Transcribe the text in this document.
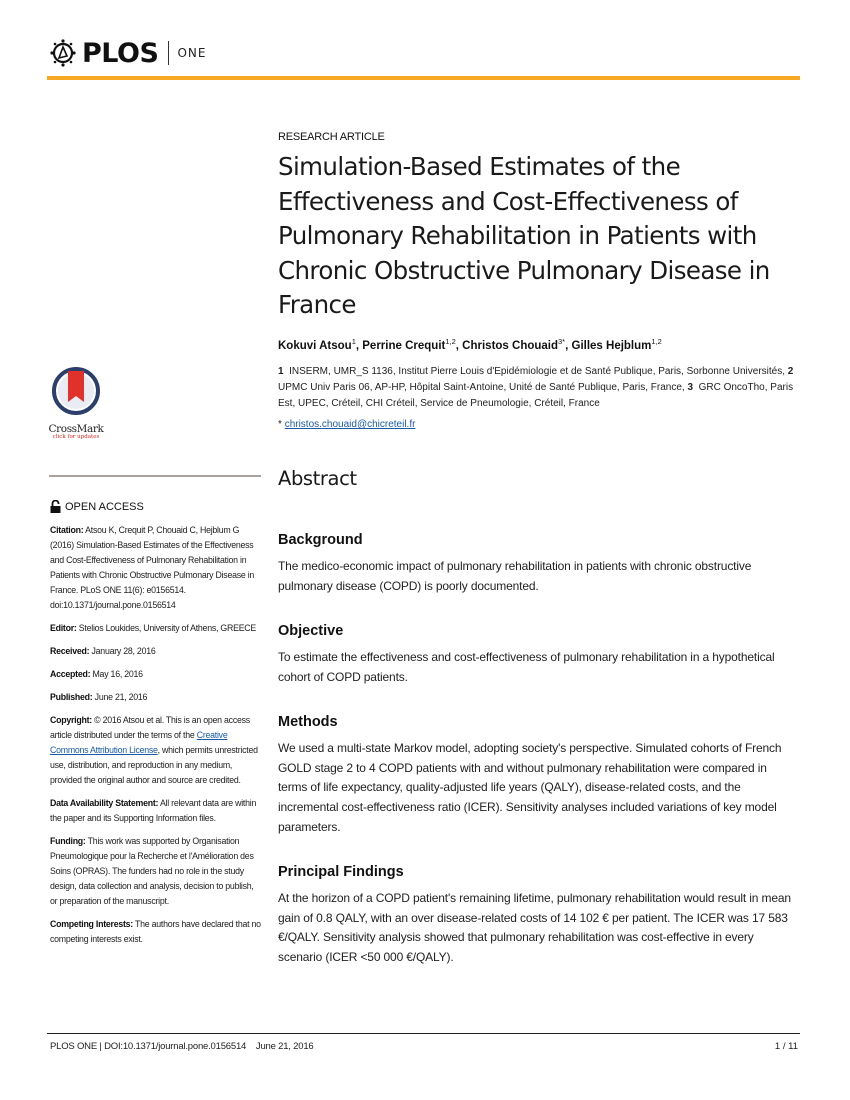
PLOS ONE
RESEARCH ARTICLE
Simulation-Based Estimates of the Effectiveness and Cost-Effectiveness of Pulmonary Rehabilitation in Patients with Chronic Obstructive Pulmonary Disease in France
Kokuvi Atsou$^1$, Perrine Crequit$^{1,2}$, Christos Chouaid$^{3*}$, Gilles Hejblum$^{1,2}$
1 INSERM, UMR_S 1136, Institut Pierre Louis d'Epidémiologie et de Santé Publique, Paris, Sorbonne Universités, 2  UPMC Univ Paris 06, AP-HP, Hôpital Saint-Antoine, Unité de Santé Publique, Paris, France, 3 GRC OncoTho, Paris Est, UPEC, Créteil, CHI Créteil, Service de Pneumologie, Créteil, France
* christos.chouaid@chicreteil.fr
CrossMark
click for updates
OPEN ACCESS

Citation: Atsou K, Crequit P, Chouaid C, Hejblum G (2016) Simulation-Based Estimates of the Effectiveness and Cost-Effectiveness of Pulmonary Rehabilitation in Patients with Chronic Obstructive Pulmonary Disease in France. PLoS ONE 11(6): e0156514. doi:10.1371/journal.pone.0156514

Editor: Stelios Loukides, University of Athens, GREECE

Received: January 28, 2016

Accepted: May 16, 2016

Published: June 21, 2016

Copyright: © 2016 Atsou et al. This is an open access article distributed under the terms of the Creative Commons Attribution License, which permits unrestricted use, distribution, and reproduction in any medium, provided the original author and source are credited.

Data Availability Statement: All relevant data are within the paper and its Supporting Information files.

Funding: This work was supported by Organisation Pneumologique pour la Recherche et l'Amélioration des Soins (OPRAS). The funders had no role in the study design, data collection and analysis, decision to publish, or preparation of the manuscript.

Competing Interests: The authors have declared that no competing interests exist.

Abstract
Background
The medico-economic impact of pulmonary rehabilitation in patients with chronic obstructive pulmonary disease (COPD) is poorly documented.
Objective
To estimate the effectiveness and cost-effectiveness of pulmonary rehabilitation in a hypothetical cohort of COPD patients.
Methods
We used a multi-state Markov model, adopting society's perspective. Simulated cohorts of French GOLD stage 2 to 4 COPD patients with and without pulmonary rehabilitation were compared in terms of life expectancy, quality-adjusted life years (QALY), disease-related costs, and the incremental cost-effectiveness ratio (ICER). Sensitivity analyses included variations of key model parameters.
Principal Findings
At the horizon of a COPD patient's remaining lifetime, pulmonary rehabilitation would result in mean gain of 0.8 QALY, with an over disease-related costs of 14 102 € per patient. The ICER was 17 583 €/QALY. Sensitivity analysis showed that pulmonary rehabilitation was cost-effective in every scenario (ICER <50 000 €/QALY).
PLOS ONE | DOI:10.1371/journal.pone.0156514    June 21, 2016	1 / 11
